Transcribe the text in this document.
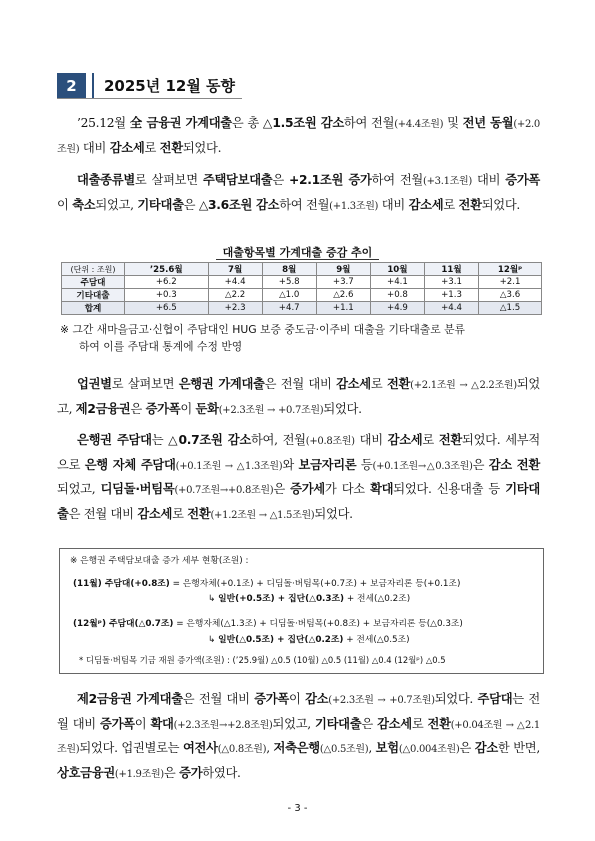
2	2025년 12월 동향

’25.12월 全 금융권 가계대출은 총 △1.5조원 감소하여 전월(+4.4조원) 및 전년 동월(+2.0조원) 대비 감소세로 전환되었다.

대출종류별로 살펴보면 주택담보대출은 +2.1조원 증가하여 전월(+3.1조원) 대비 증가폭이 축소되었고, 기타대출은 △3.6조원 감소하여 전월(+1.3조원) 대비 감소세로 전환되었다.

대출항목별 가계대출 증감 추이
(단위 : 조원)	’25.6월	7월	8월	9월	10월	11월	12월ᵖ
주담대	+6.2	+4.4	+5.8	+3.7	+4.1	+3.1	+2.1
기타대출	+0.3	△2.2	△1.0	△2.6	+0.8	+1.3	△3.6
합계	+6.5	+2.3	+4.7	+1.1	+4.9	+4.4	△1.5
※ 그간 새마을금고·신협이 주담대인 HUG 보증 중도금·이주비 대출을 기타대출로 분류
하여 이를 주담대 통계에 수정 반영

업권별로 살펴보면 은행권 가계대출은 전월 대비 감소세로 전환(+2.1조원 → △2.2조원)되었고, 제2금융권은 증가폭이 둔화(+2.3조원 → +0.7조원)되었다.

은행권 주담대는 △0.7조원 감소하여, 전월(+0.8조원) 대비 감소세로 전환되었다. 세부적으로 은행 자체 주담대(+0.1조원 → △1.3조원)와 보금자리론 등(+0.1조원→△0.3조원)은 감소 전환되었고, 디딤돌·버팀목(+0.7조원→+0.8조원)은 증가세가 다소 확대되었다. 신용대출 등 기타대출은 전월 대비 감소세로 전환(+1.2조원 → △1.5조원)되었다.

※ 은행권 주택담보대출 증가 세부 현황(조원) :
(11월) 주담대(+0.8조) = 은행자체(+0.1조) + 디딤돌·버팀목(+0.7조) + 보금자리론 등(+0.1조)
↳ 일반(+0.5조) + 집단(△0.3조) + 전세(△0.2조)
(12월ᵖ) 주담대(△0.7조) = 은행자체(△1.3조) + 디딤돌·버팀목(+0.8조) + 보금자리론 등(△0.3조)
↳ 일반(△0.5조) + 집단(△0.2조) + 전세(△0.5조)
* 디딤돌·버팀목 기금 재원 증가액(조원) : (’25.9월) △0.5 (10월) △0.5 (11월) △0.4 (12월ᵖ) △0.5

제2금융권 가계대출은 전월 대비 증가폭이 감소(+2.3조원 → +0.7조원)되었다. 주담대는 전월 대비 증가폭이 확대(+2.3조원→+2.8조원)되었고, 기타대출은 감소세로 전환(+0.04조원 → △2.1조원)되었다. 업권별로는 여전사(△0.8조원), 저축은행(△0.5조원), 보험(△0.004조원)은 감소한 반면, 상호금융권(+1.9조원)은 증가하였다.

- 3 -
